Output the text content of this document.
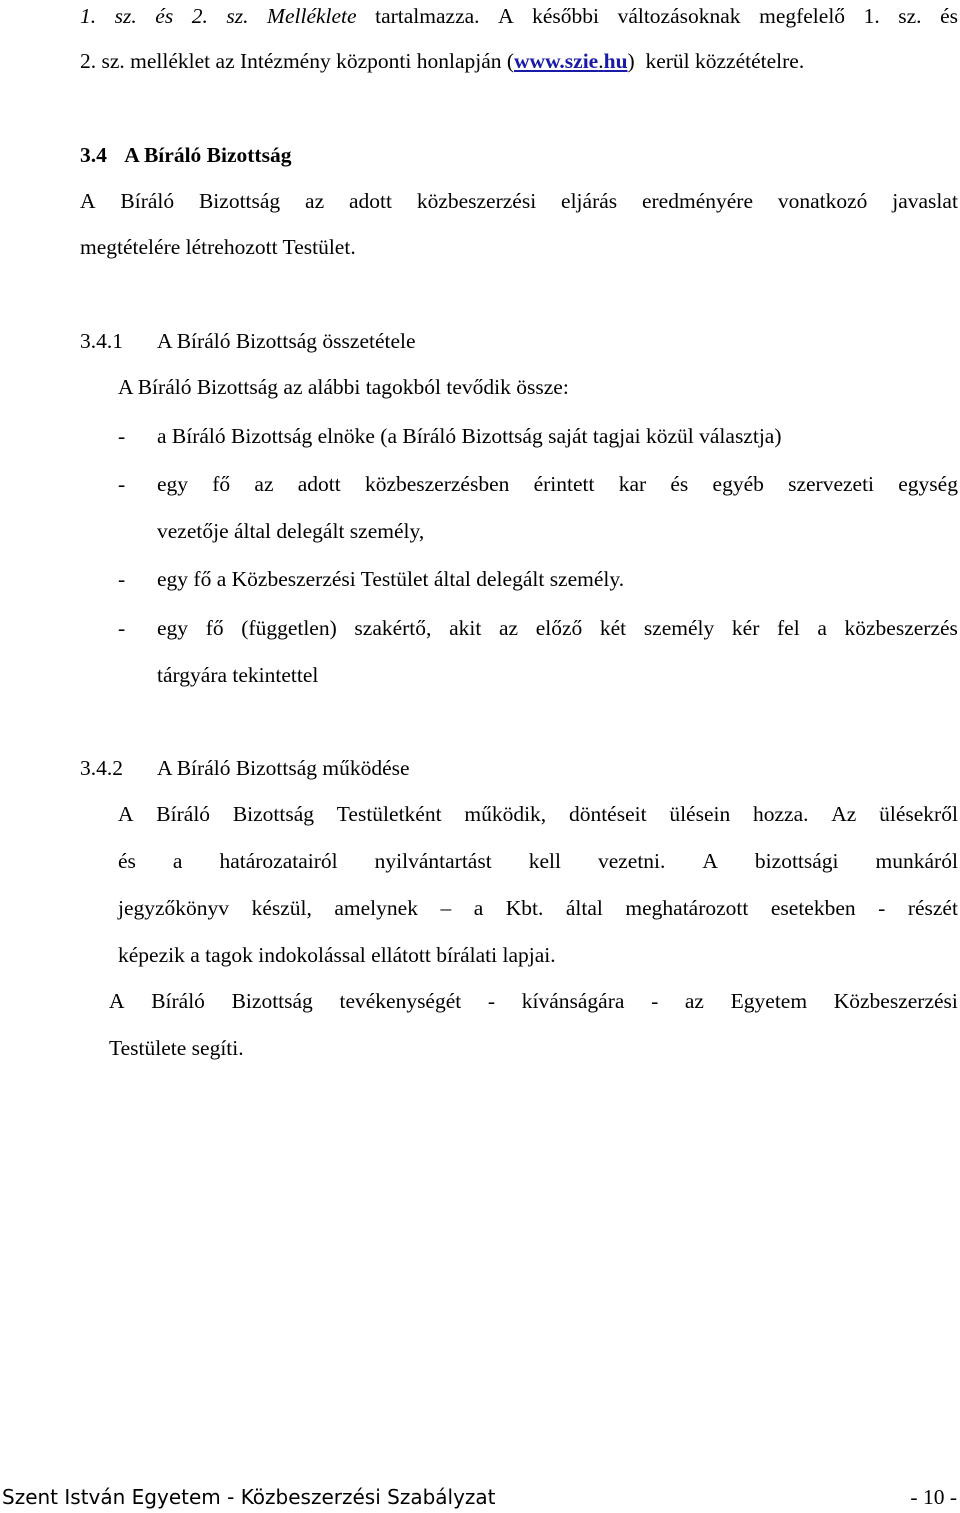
1. sz. és 2. sz. Melléklete tartalmazza. A későbbi változásoknak megfelelő 1. sz. és
2. sz. melléklet az Intézmény központi honlapján (www.szie.hu)  kerül közzétételre.
3.4 A Bíráló Bizottság
A Bíráló Bizottság az adott közbeszerzési eljárás eredményére vonatkozó javaslat
megtételére létrehozott Testület.
3.4.1 A Bíráló Bizottság összetétele
A Bíráló Bizottság az alábbi tagokból tevődik össze:
- a Bíráló Bizottság elnöke (a Bíráló Bizottság saját tagjai közül választja)
- egy fő az adott közbeszerzésben érintett kar és egyéb szervezeti egység
vezetője által delegált személy,
- egy fő a Közbeszerzési Testület által delegált személy.
- egy fő (független) szakértő, akit az előző két személy kér fel a közbeszerzés
tárgyára tekintettel
3.4.2 A Bíráló Bizottság működése
A Bíráló Bizottság Testületként működik, döntéseit ülésein hozza. Az ülésekről
és a határozatairól nyilvántartást kell vezetni. A bizottsági munkáról
jegyzőkönyv készül, amelynek – a Kbt. által meghatározott esetekben - részét
képezik a tagok indokolással ellátott bírálati lapjai.
A Bíráló Bizottság tevékenységét - kívánságára - az Egyetem Közbeszerzési
Testülete segíti.
Szent István Egyetem - Közbeszerzési Szabályzat	- 10 -
